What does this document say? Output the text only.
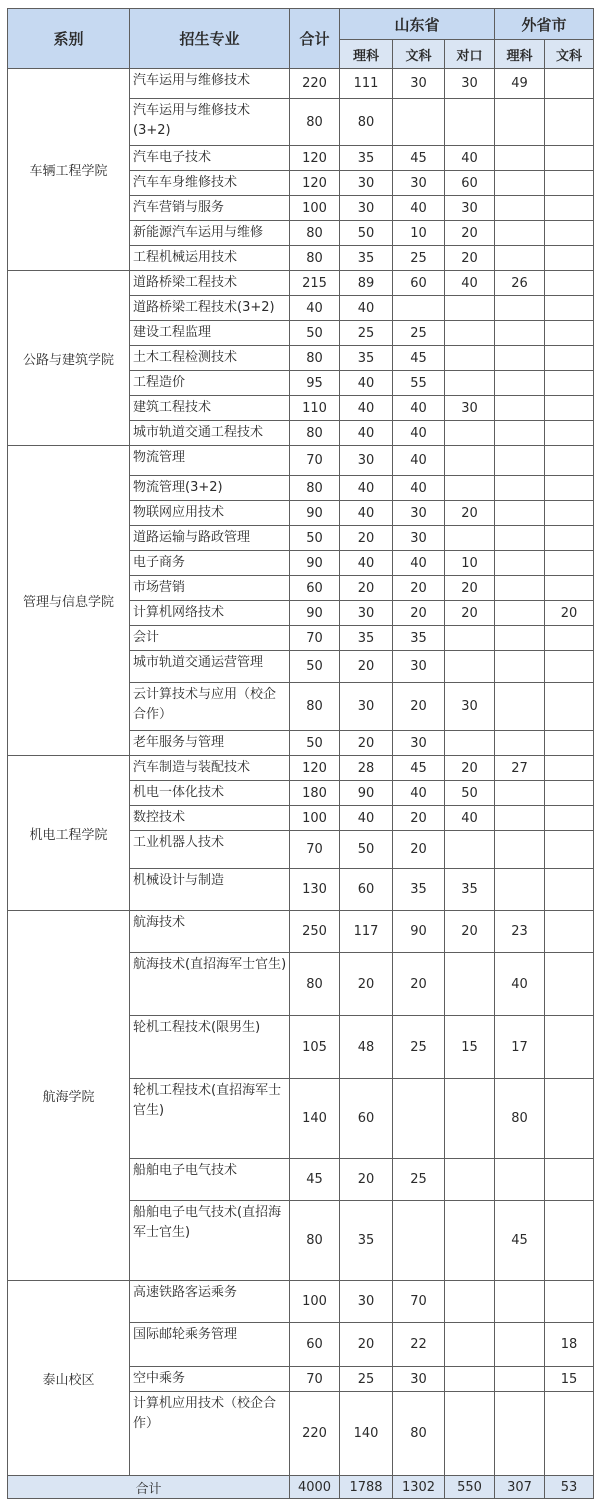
系别	招生专业	合计	山东省			外省市	
			理科	文科	对口	理科	文科
车辆工程学院	汽车运用与维修技术	220	111	30	30	49	
	汽车运用与维修技术(3+2)	80	80				
	汽车电子技术	120	35	45	40		
	汽车车身维修技术	120	30	30	60		
	汽车营销与服务	100	30	40	30		
	新能源汽车运用与维修	80	50	10	20		
	工程机械运用技术	80	35	25	20		
公路与建筑学院	道路桥梁工程技术	215	89	60	40	26	
	道路桥梁工程技术(3+2)	40	40				
	建设工程监理	50	25	25			
	土木工程检测技术	80	35	45			
	工程造价	95	40	55			
	建筑工程技术	110	40	40	30		
	城市轨道交通工程技术	80	40	40			
管理与信息学院	物流管理	70	30	40			
	物流管理(3+2)	80	40	40			
	物联网应用技术	90	40	30	20		
	道路运输与路政管理	50	20	30			
	电子商务	90	40	40	10		
	市场营销	60	20	20	20		
	计算机网络技术	90	30	20	20		20
	会计	70	35	35			
	城市轨道交通运营管理	50	20	30			
	云计算技术与应用（校企合作）	80	30	20	30		
	老年服务与管理	50	20	30			
机电工程学院	汽车制造与装配技术	120	28	45	20	27	
	机电一体化技术	180	90	40	50		
	数控技术	100	40	20	40		
	工业机器人技术	70	50	20			
	机械设计与制造	130	60	35	35		
航海学院	航海技术	250	117	90	20	23	
	航海技术(直招海军士官生)	80	20	20		40	
	轮机工程技术(限男生)	105	48	25	15	17	
	轮机工程技术(直招海军士官生)	140	60			80	
	船舶电子电气技术	45	20	25			
	船舶电子电气技术(直招海军士官生)	80	35			45	
泰山校区	高速铁路客运乘务	100	30	70			
	国际邮轮乘务管理	60	20	22			18
	空中乘务	70	25	30			15
	计算机应用技术（校企合作）	220	140	80			
合计		4000	1788	1302	550	307	53
